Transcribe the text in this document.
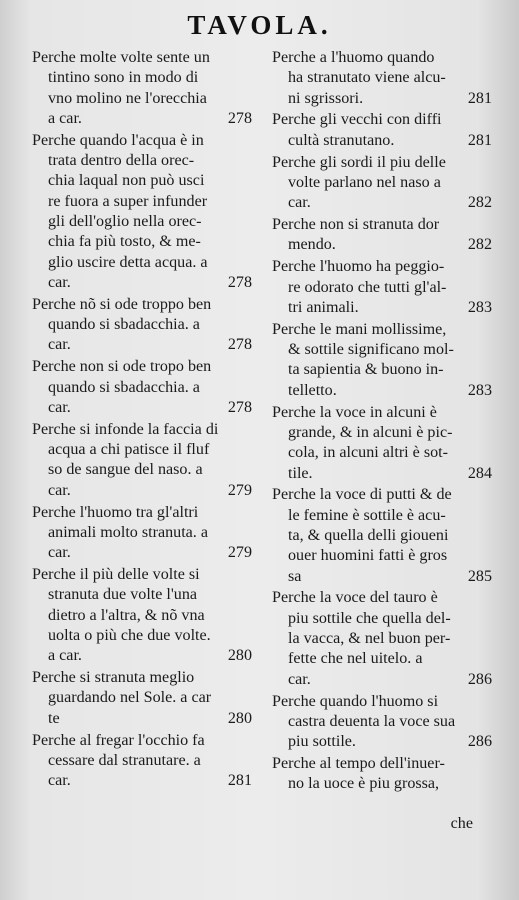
TAVOLA.

Perche molte volte sente un
tintino sono in modo di
vno molino ne l'orecchia
a car.	278

Perche quando l'acqua è in
trata dentro della orec-
chia laqual non può usci
re fuora a super infunder
gli dell'oglio nella orec-
chia fa più tosto, & me-
glio uscire detta acqua. a
car.	278

Perche nõ si ode troppo ben
quando si sbadacchia. a
car.	278

Perche non si ode tropo ben
quando si sbadacchia. a
car.	278

Perche si infonde la faccia di
acqua a chi patisce il fluf
so de sangue del naso. a
car.	279

Perche l'huomo tra gl'altri
animali molto stranuta. a
car.	279

Perche il più delle volte si
stranuta due volte l'una
dietro a l'altra, & nõ vna
uolta o più che due volte.
a car.	280

Perche si stranuta meglio
guardando nel Sole. a car
te	280

Perche al fregar l'occhio fa
cessare dal stranutare. a
car.	281

Perche a l'huomo quando
ha stranutato viene alcu-
ni sgrissori.	281

Perche gli vecchi con diffi
cultà stranutano.	281

Perche gli sordi il piu delle
volte parlano nel naso a
car.	282

Perche non si stranuta dor
mendo.	282

Perche l'huomo ha peggio-
re odorato che tutti gl'al-
tri animali.	283

Perche le mani mollissime,
& sottile significano mol-
ta sapientia & buono in-
telletto.	283

Perche la voce in alcuni è
grande, & in alcuni è pic-
cola, in alcuni altri è sot-
tile.	284

Perche la voce di putti & de
le femine è sottile è acu-
ta, & quella delli gioueni
ouer huomini fatti è gros
sa	285

Perche la voce del tauro è
piu sottile che quella del-
la vacca, & nel buon per-
fette che nel uitelo. a
car.	286

Perche quando l'huomo si
castra deuenta la voce sua
piu sottile.	286

Perche al tempo dell'inuer-
no la uoce è piu grossa,

che
